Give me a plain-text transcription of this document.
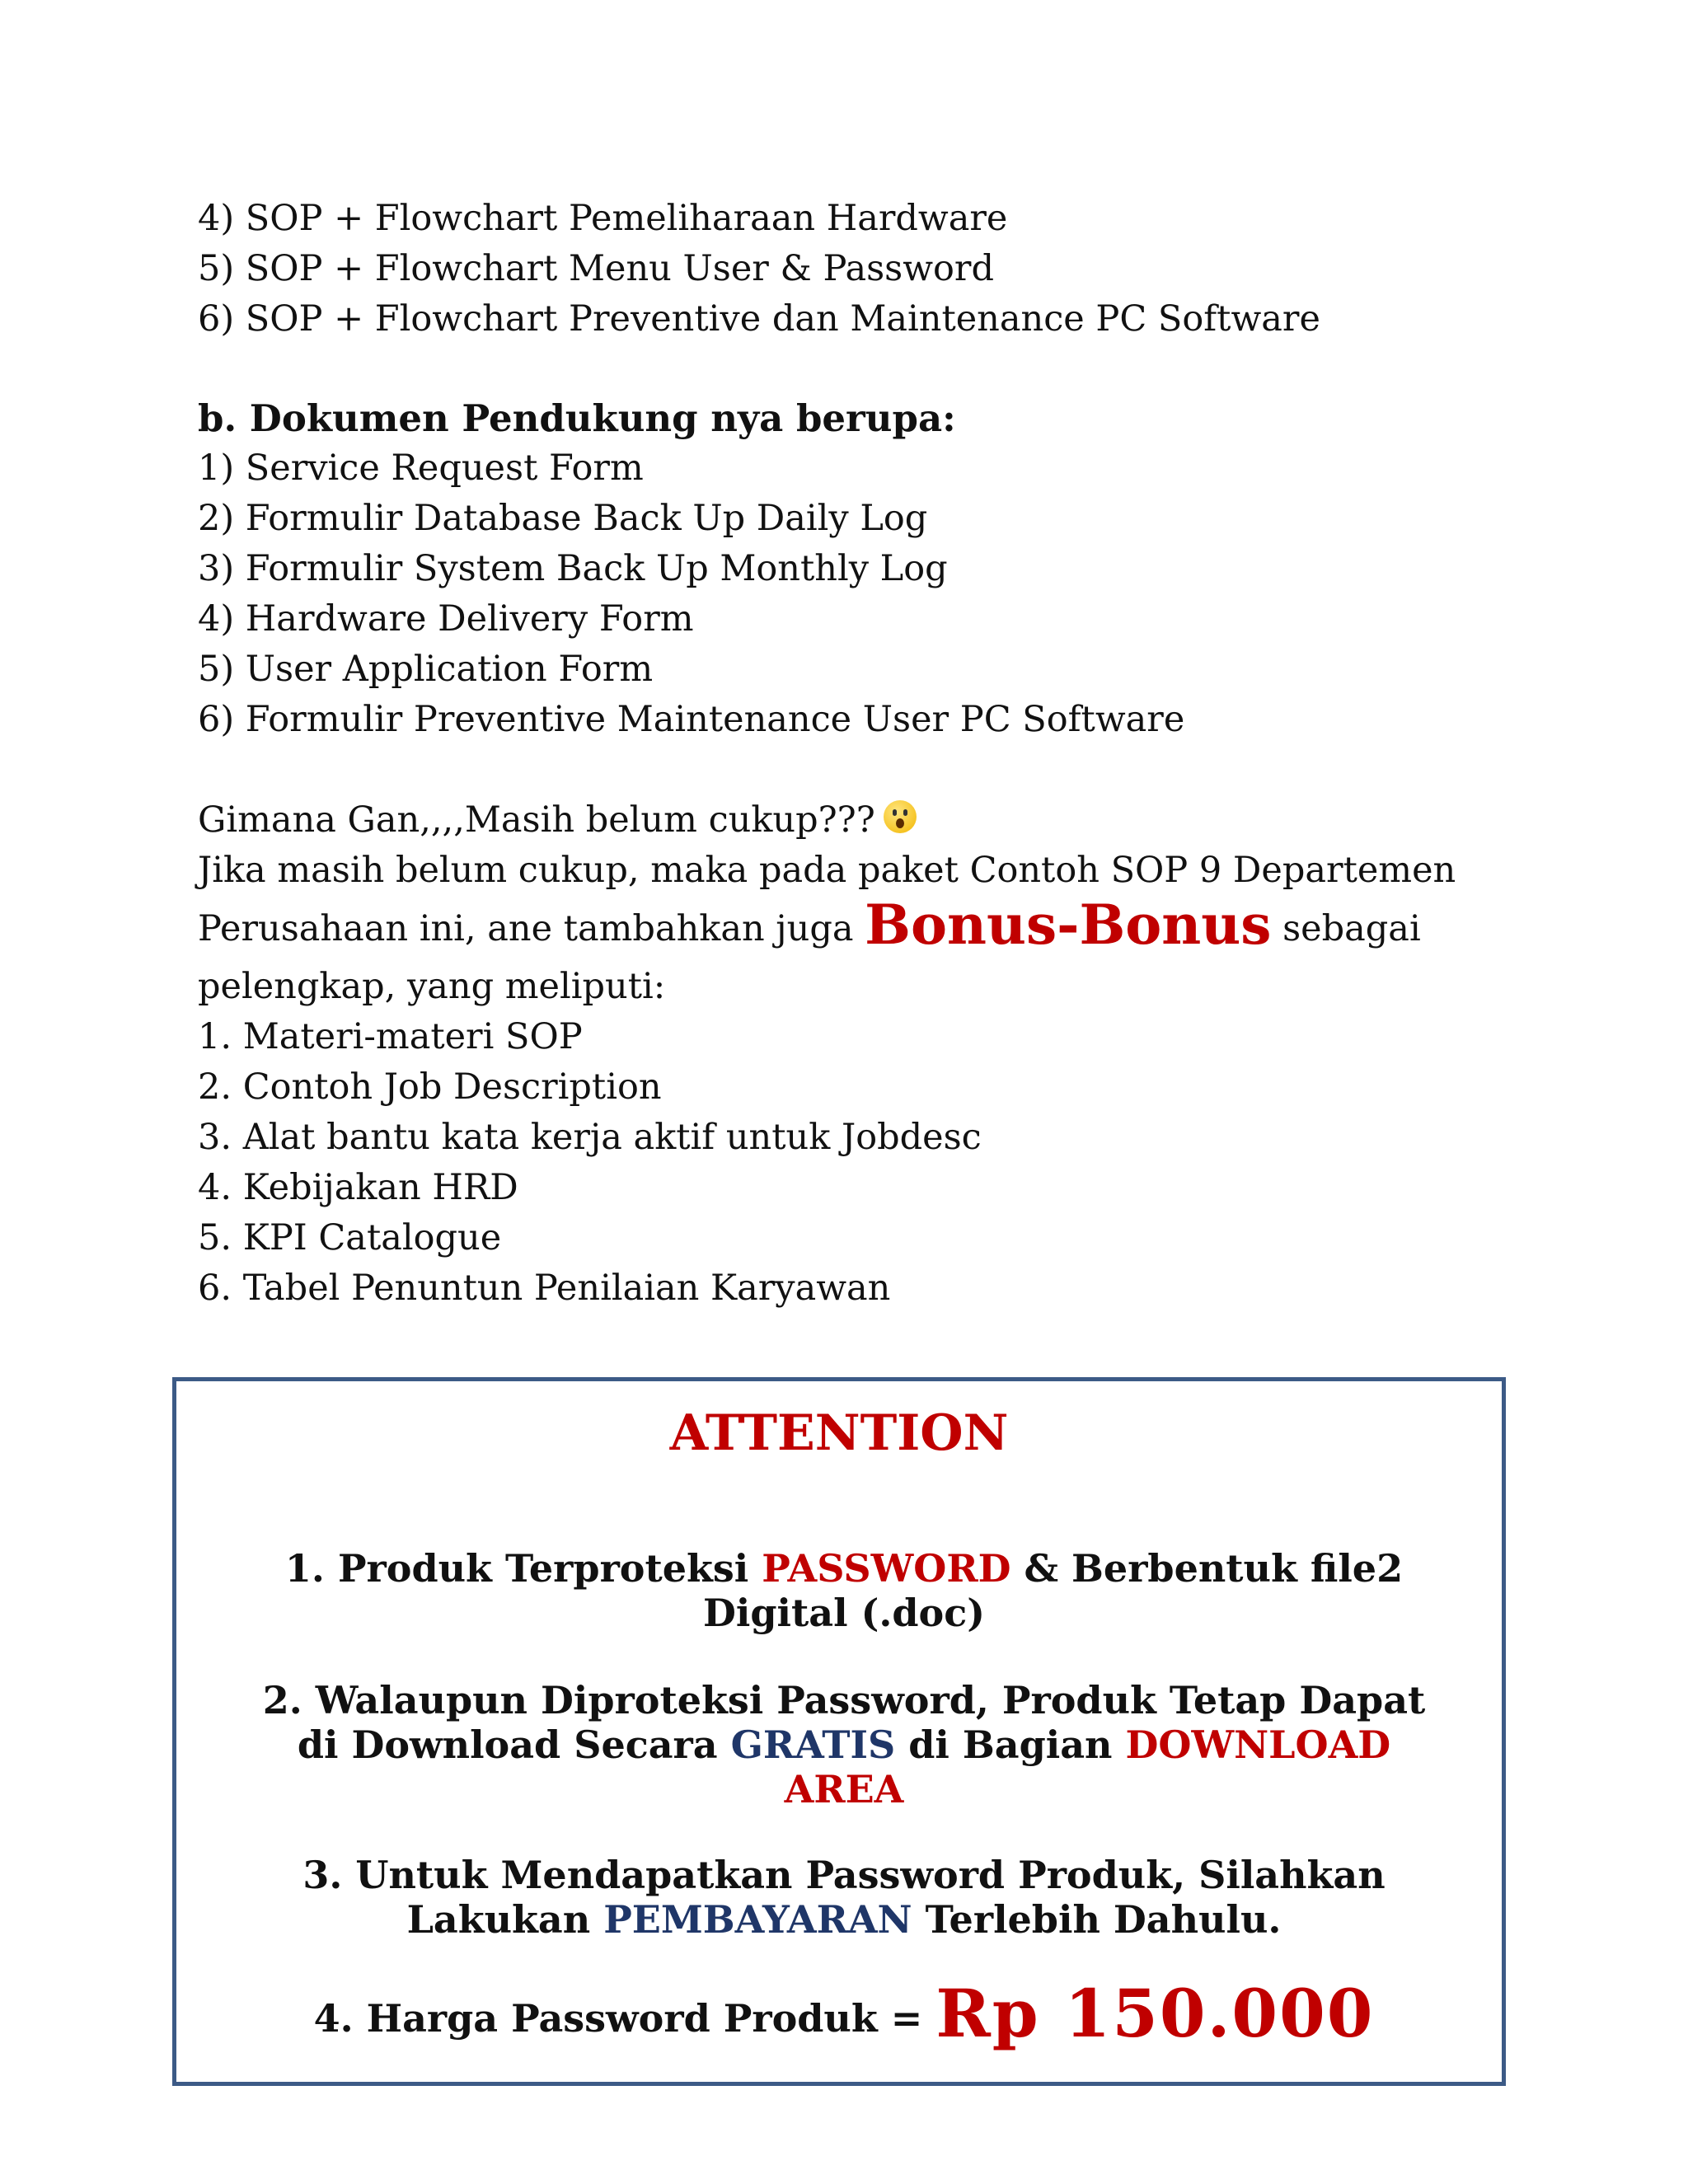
4) SOP + Flowchart Pemeliharaan Hardware
5) SOP + Flowchart Menu User & Password
6) SOP + Flowchart Preventive dan Maintenance PC Software
b. Dokumen Pendukung nya berupa:
1) Service Request Form
2) Formulir Database Back Up Daily Log
3) Formulir System Back Up Monthly Log
4) Hardware Delivery Form
5) User Application Form
6) Formulir Preventive Maintenance User PC Software
Gimana Gan,,,,Masih belum cukup???
Jika masih belum cukup, maka pada paket Contoh SOP 9 Departemen
Perusahaan ini, ane tambahkan juga Bonus-Bonus sebagai
pelengkap, yang meliputi:
1. Materi-materi SOP
2. Contoh Job Description
3. Alat bantu kata kerja aktif untuk Jobdesc
4. Kebijakan HRD
5. KPI Catalogue
6. Tabel Penuntun Penilaian Karyawan
ATTENTION
1. Produk Terproteksi PASSWORD & Berbentuk file2 Digital (.doc)
2. Walaupun Diproteksi Password, Produk Tetap Dapat di Download Secara GRATIS di Bagian DOWNLOAD AREA
3. Untuk Mendapatkan Password Produk, Silahkan Lakukan PEMBAYARAN Terlebih Dahulu.
4. Harga Password Produk = Rp 150.000
